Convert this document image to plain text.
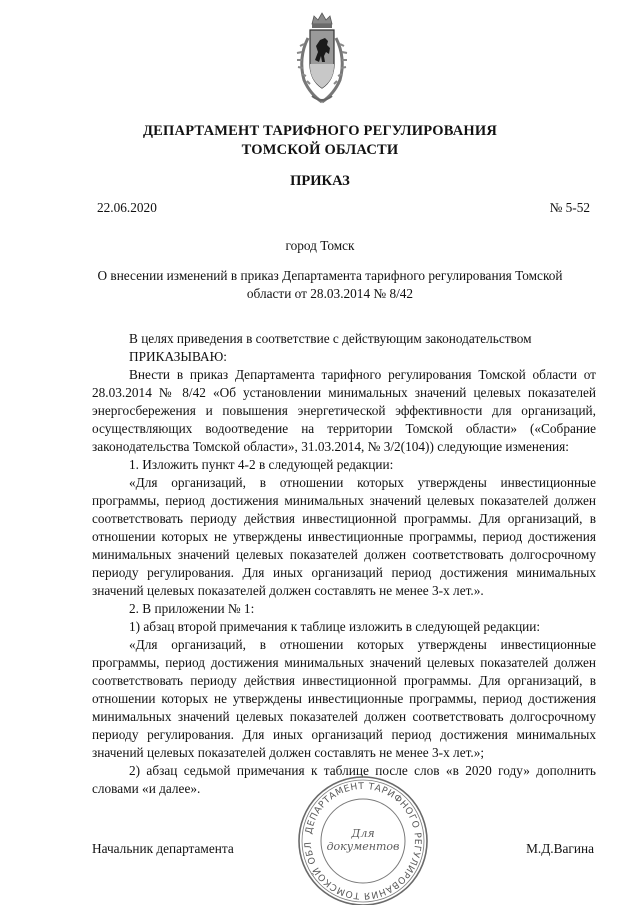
ДЕПАРТАМЕНТ ТАРИФНОГО РЕГУЛИРОВАНИЯ
ТОМСКОЙ ОБЛАСТИ
ПРИКАЗ
22.06.2020	№ 5-52
город Томск
О внесении изменений в приказ Департамента тарифного регулирования Томской области от 28.03.2014 № 8/42

В целях приведения в соответствие с действующим законодательством

ПРИКАЗЫВАЮ:

Внести в приказ Департамента тарифного регулирования Томской области от 28.03.2014 № 8/42 «Об установлении минимальных значений целевых показателей энергосбережения и повышения энергетической эффективности для организаций, осуществляющих водоотведение на территории Томской области» («Собрание законодательства Томской области», 31.03.2014, № 3/2(104)) следующие изменения:

1. Изложить пункт 4-2 в следующей редакции:

«Для организаций, в отношении которых утверждены инвестиционные программы, период достижения минимальных значений целевых показателей должен соответствовать периоду действия инвестиционной программы. Для организаций, в отношении которых не утверждены инвестиционные программы, период достижения минимальных значений целевых показателей должен соответствовать долгосрочному периоду регулирования. Для иных организаций период достижения минимальных значений целевых показателей должен составлять не менее 3-х лет.».

2. В приложении № 1:

1) абзац второй примечания к таблице изложить в следующей редакции:

«Для организаций, в отношении которых утверждены инвестиционные программы, период достижения минимальных значений целевых показателей должен соответствовать периоду действия инвестиционной программы. Для организаций, в отношении которых не утверждены инвестиционные программы, период достижения минимальных значений целевых показателей должен соответствовать долгосрочному периоду регулирования. Для иных организаций период достижения минимальных значений целевых показателей должен составлять не менее 3-х лет.»;

2) абзац седьмой примечания к таблице после слов «в 2020 году» дополнить словами «и далее».

Начальник департамента	М.Д.Вагина
ДЕПАРТАМЕНТ ТАРИФНОГО РЕГУЛИРОВАНИЯ ТОМСКОЙ ОБЛ
Для
документов
